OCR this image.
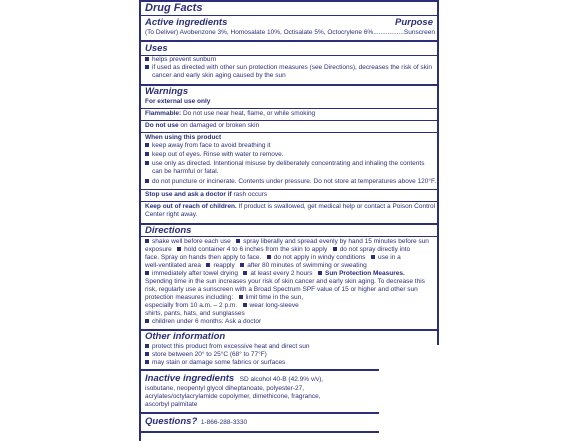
Drug Facts
Active ingredients	Purpose
(To Deliver) Avobenzone 3%, Homosalate 10%, Octisalate 5%, Octocrylene 6%.................Sunscreen
Uses
helps prevent sunburn
if used as directed with other sun protection measures (see Directions), decreases the risk of skin
cancer and early skin aging caused by the sun
Warnings
For external use only
Flammable: Do not use near heat, flame, or while smoking
Do not use on damaged or broken skin
When using this product
keep away from face to avoid breathing it
keep out of eyes. Rinse with water to remove.
use only as directed. Intentional misuse by deliberately concentrating and inhaling the contents
can be harmful or fatal.
do not puncture or incinerate. Contents under pressure. Do not store at temperatures above 120°F.
Stop use and ask a doctor if rash occurs
Keep out of reach of children. If product is swallowed, get medical help or contact a Poison Control
Center right away.
Directions
shake well before each use spray liberally and spread evenly by hand 15 minutes before sun
exposure hold container 4 to 6 inches from the skin to apply do not spray directly into
face. Spray on hands then apply to face. do not apply in windy conditions use in a
well-ventilated area reapply after 80 minutes of swimming or sweating
immediately after towel drying at least every 2 hours Sun Protection Measures.
Spending time in the sun increases your risk of skin cancer and early skin aging. To decrease this
risk, regularly use a sunscreen with a Broad Spectrum SPF value of 15 or higher and other sun
protection measures including: limit time in the sun,
especially from 10 a.m. – 2 p.m. wear long-sleeve
shirts, pants, hats, and sunglasses
children under 6 months: Ask a doctor
Other information
protect this product from excessive heat and direct sun
store between 20° to 25°C (68° to 77°F)
may stain or damage some fabrics or surfaces
Inactive ingredients SD alcohol 40-B (42.9% v/v),
isobutane, neopentyl glycol diheptanoate, polyester-27,
acrylates/octylacrylamide copolymer, dimethicone, fragrance,
ascorbyl palmitate
Questions? 1-866-288-3330
